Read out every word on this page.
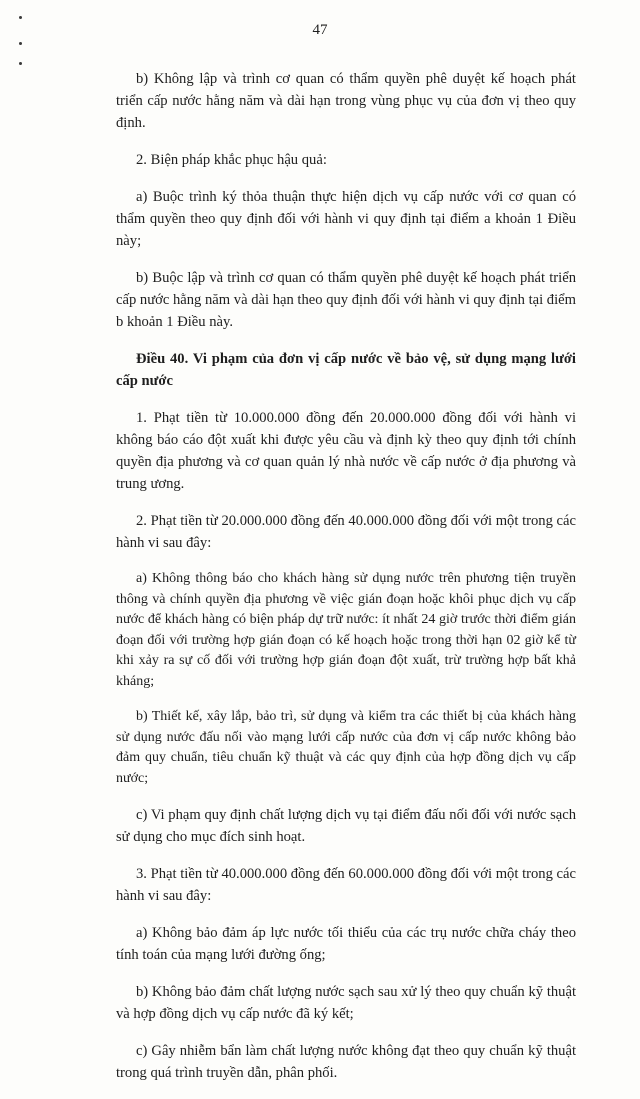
47

b) Không lập và trình cơ quan có thẩm quyền phê duyệt kế hoạch phát triển cấp nước hằng năm và dài hạn trong vùng phục vụ của đơn vị theo quy định.

2. Biện pháp khắc phục hậu quả:

a) Buộc trình ký thỏa thuận thực hiện dịch vụ cấp nước với cơ quan có thẩm quyền theo quy định đối với hành vi quy định tại điểm a khoản 1 Điều này;

b) Buộc lập và trình cơ quan có thẩm quyền phê duyệt kế hoạch phát triển cấp nước hằng năm và dài hạn theo quy định đối với hành vi quy định tại điểm b khoản 1 Điều này.

Điều 40. Vi phạm của đơn vị cấp nước về bảo vệ, sử dụng mạng lưới cấp nước

1. Phạt tiền từ 10.000.000 đồng đến 20.000.000 đồng đối với hành vi không báo cáo đột xuất khi được yêu cầu và định kỳ theo quy định tới chính quyền địa phương và cơ quan quản lý nhà nước về cấp nước ở địa phương và trung ương.

2. Phạt tiền từ 20.000.000 đồng đến 40.000.000 đồng đối với một trong các hành vi sau đây:

a) Không thông báo cho khách hàng sử dụng nước trên phương tiện truyền thông và chính quyền địa phương về việc gián đoạn hoặc khôi phục dịch vụ cấp nước để khách hàng có biện pháp dự trữ nước: ít nhất 24 giờ trước thời điểm gián đoạn đối với trường hợp gián đoạn có kế hoạch hoặc trong thời hạn 02 giờ kể từ khi xảy ra sự cố đối với trường hợp gián đoạn đột xuất, trừ trường hợp bất khả kháng;

b) Thiết kế, xây lắp, bảo trì, sử dụng và kiểm tra các thiết bị của khách hàng sử dụng nước đấu nối vào mạng lưới cấp nước của đơn vị cấp nước không bảo đảm quy chuẩn, tiêu chuẩn kỹ thuật và các quy định của hợp đồng dịch vụ cấp nước;

c) Vi phạm quy định chất lượng dịch vụ tại điểm đấu nối đối với nước sạch sử dụng cho mục đích sinh hoạt.

3. Phạt tiền từ 40.000.000 đồng đến 60.000.000 đồng đối với một trong các hành vi sau đây:

a) Không bảo đảm áp lực nước tối thiểu của các trụ nước chữa cháy theo tính toán của mạng lưới đường ống;

b) Không bảo đảm chất lượng nước sạch sau xử lý theo quy chuẩn kỹ thuật và hợp đồng dịch vụ cấp nước đã ký kết;

c) Gây nhiễm bẩn làm chất lượng nước không đạt theo quy chuẩn kỹ thuật trong quá trình truyền dẫn, phân phối.
